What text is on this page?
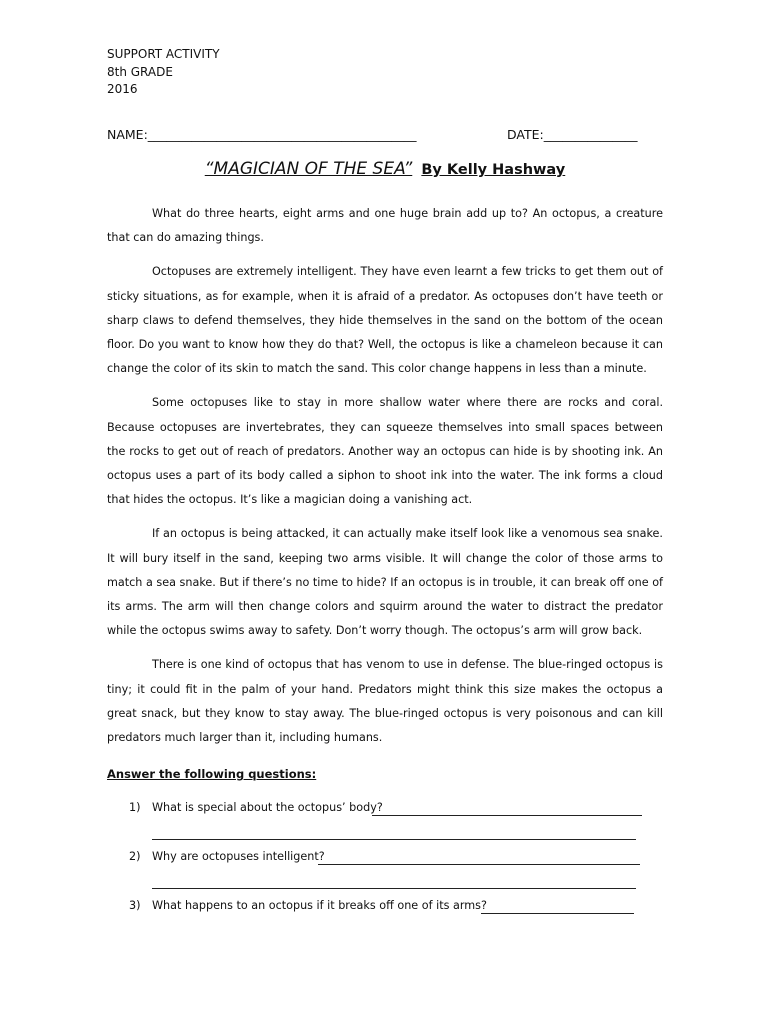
SUPPORT ACTIVITY
8th GRADE
2016
NAME:___________________________________________	DATE:_______________
“MAGICIAN OF THE SEA” By Kelly Hashway

What do three hearts, eight arms and one huge brain add up to? An octopus, a creature that can do amazing things.

Octopuses are extremely intelligent. They have even learnt a few tricks to get them out of sticky situations, as for example, when it is afraid of a predator. As octopuses don’t have teeth or sharp claws to defend themselves, they hide themselves in the sand on the bottom of the ocean floor. Do you want to know how they do that? Well, the octopus is like a chameleon because it can change the color of its skin to match the sand. This color change happens in less than a minute.

Some octopuses like to stay in more shallow water where there are rocks and coral. Because octopuses are invertebrates, they can squeeze themselves into small spaces between the rocks to get out of reach of predators. Another way an octopus can hide is by shooting ink. An octopus uses a part of its body called a siphon to shoot ink into the water. The ink forms a cloud that hides the octopus. It’s like a magician doing a vanishing act.

If an octopus is being attacked, it can actually make itself look like a venomous sea snake. It will bury itself in the sand, keeping two arms visible. It will change the color of those arms to match a sea snake. But if there’s no time to hide? If an octopus is in trouble, it can break off one of its arms. The arm will then change colors and squirm around the water to distract the predator while the octopus swims away to safety. Don’t worry though. The octopus’s arm will grow back.

There is one kind of octopus that has venom to use in defense. The blue-ringed octopus is tiny; it could fit in the palm of your hand. Predators might think this size makes the octopus a great snack, but they know to stay away. The blue-ringed octopus is very poisonous and can kill predators much larger than it, including humans.

Answer the following questions:
1) What is special about the octopus’ body?
2) Why are octopuses intelligent?
3) What happens to an octopus if it breaks off one of its arms?
